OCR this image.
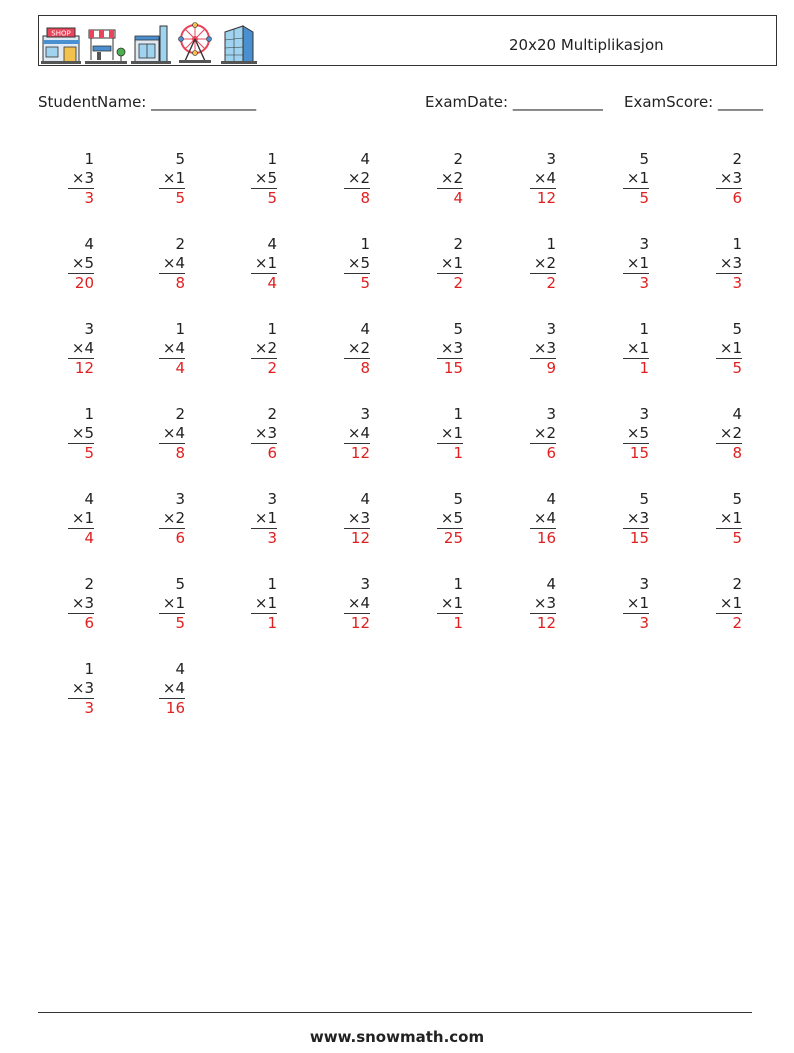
SHOP
20x20 Multiplikasjon
StudentName: ______________	ExamDate: ____________ ExamScore: ______
1
×3
3
5
×1
5
1
×5
5
4
×2
8
2
×2
4
3
×4
12
5
×1
5
2
×3
6
4
×5
20
2
×4
8
4
×1
4
1
×5
5
2
×1
2
1
×2
2
3
×1
3
1
×3
3
3
×4
12
1
×4
4
1
×2
2
4
×2
8
5
×3
15
3
×3
9
1
×1
1
5
×1
5
1
×5
5
2
×4
8
2
×3
6
3
×4
12
1
×1
1
3
×2
6
3
×5
15
4
×2
8
4
×1
4
3
×2
6
3
×1
3
4
×3
12
5
×5
25
4
×4
16
5
×3
15
5
×1
5
2
×3
6
5
×1
5
1
×1
1
3
×4
12
1
×1
1
4
×3
12
3
×1
3
2
×1
2
1
×3
3
4
×4
16
www.snowmath.com
